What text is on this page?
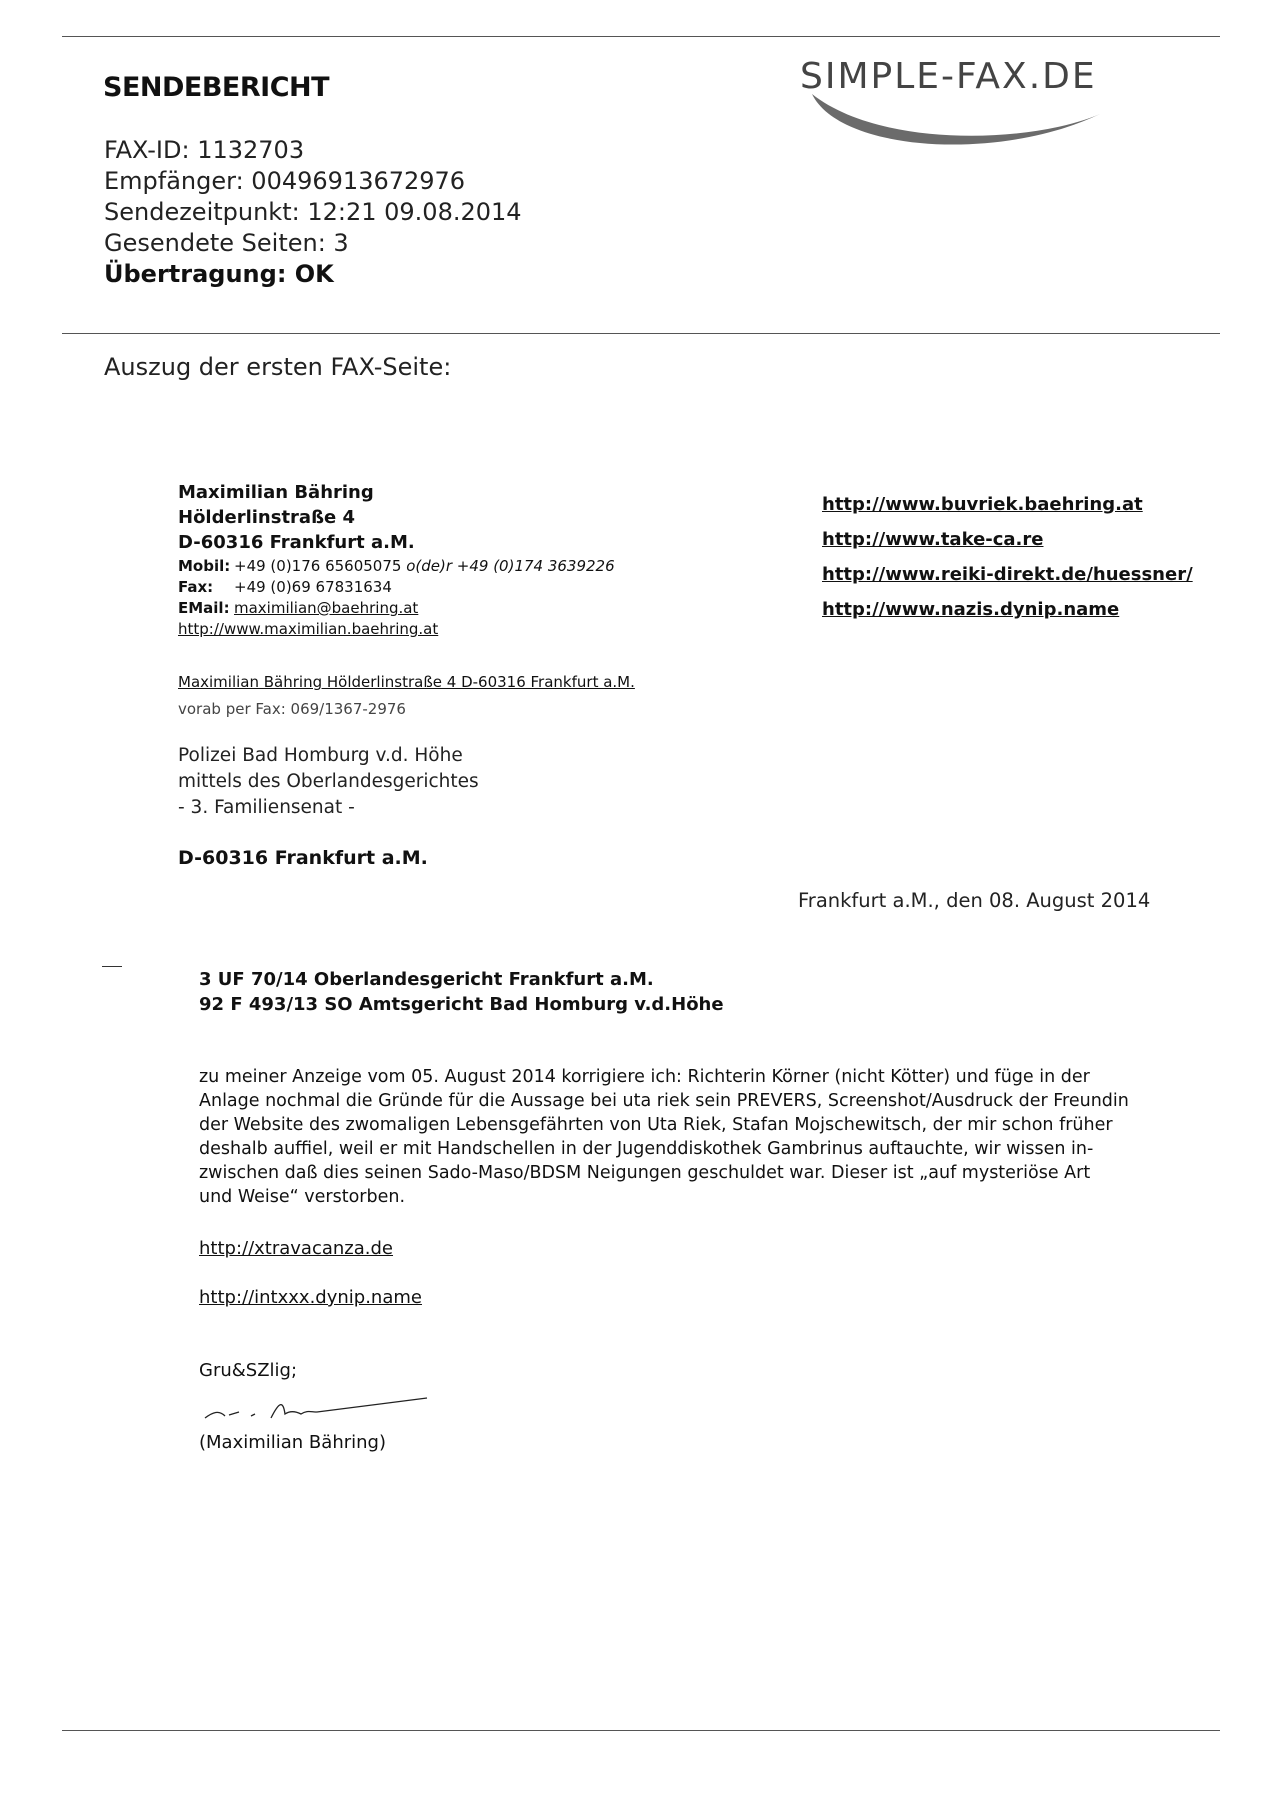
SENDEBERICHT	SIMPLE-FAX.DE
FAX-ID: 1132703
Empfänger: 00496913672976
Sendezeitpunkt: 12:21 09.08.2014
Gesendete Seiten: 3
Übertragung: OK
Auszug der ersten FAX-Seite:
Maximilian Bähring
Hölderlinstraße 4
D-60316 Frankfurt a.M.
Mobil: +49 (0)176 65605075 o(de)r +49 (0)174 3639226
Fax: +49 (0)69 67831634
EMail: maximilian@baehring.at
http://www.maximilian.baehring.at
http://www.buvriek.baehring.at
http://www.take-ca.re
http://www.reiki-direkt.de/huessner/
http://www.nazis.dynip.name
Maximilian Bähring Hölderlinstraße 4 D-60316 Frankfurt a.M.
vorab per Fax: 069/1367-2976
Polizei Bad Homburg v.d. Höhe
mittels des Oberlandesgerichtes
- 3. Familiensenat -
D-60316 Frankfurt a.M.
Frankfurt a.M., den 08. August 2014
3 UF 70/14 Oberlandesgericht Frankfurt a.M.
92 F 493/13 SO Amtsgericht Bad Homburg v.d.Höhe

zu meiner Anzeige vom 05. August 2014 korrigiere ich: Richterin Körner (nicht Kötter) und füge in der

Anlage nochmal die Gründe für die Aussage bei uta riek sein PREVERS, Screenshot/Ausdruck der Freundin

der Website des zwomaligen Lebensgefährten von Uta Riek, Stafan Mojschewitsch, der mir schon früher

deshalb auffiel, weil er mit Handschellen in der Jugenddiskothek Gambrinus auftauchte, wir wissen in-

zwischen daß dies seinen Sado-Maso/BDSM Neigungen geschuldet war. Dieser ist „auf mysteriöse Art

und Weise“ verstorben.

http://xtravacanza.de
http://intxxx.dynip.name
Gru&SZlig;
(Maximilian Bähring)
